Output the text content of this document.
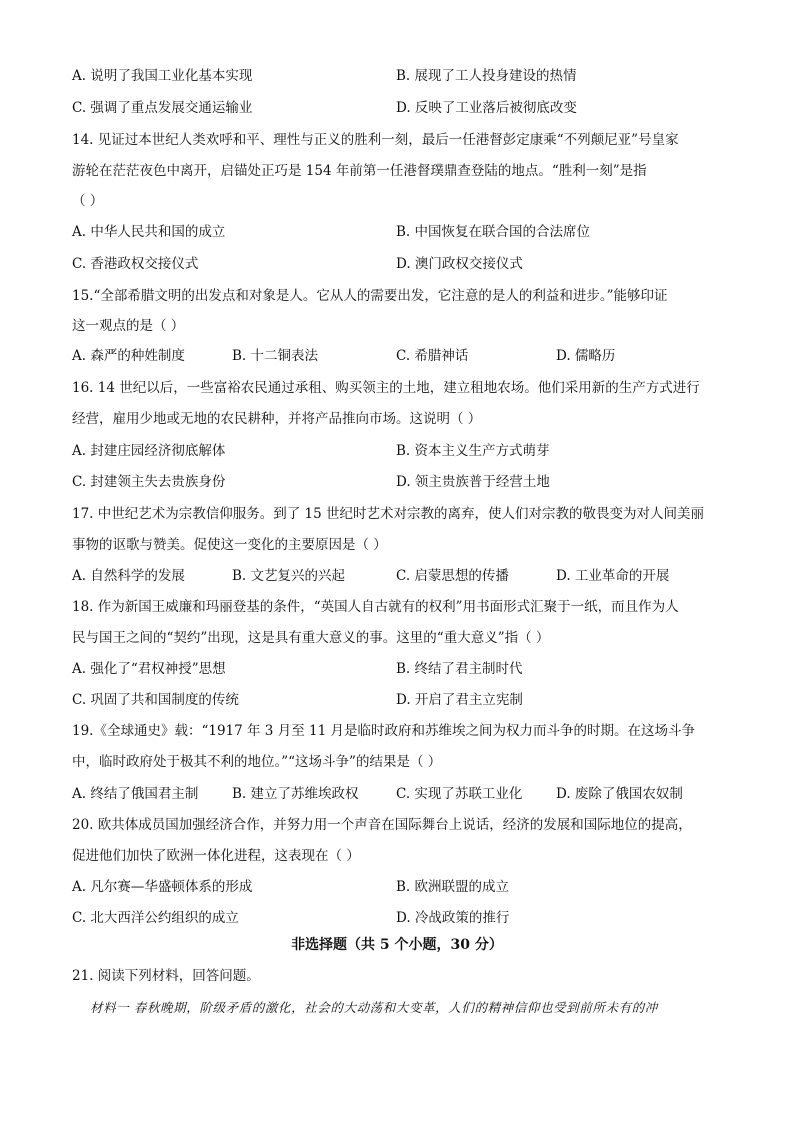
A. 说明了我国工业化基本实现	B. 展现了工人投身建设的热情
C. 强调了重点发展交通运输业	D. 反映了工业落后被彻底改变
14. 见证过本世纪人类欢呼和平、理性与正义的胜利一刻，最后一任港督彭定康乘“不列颠尼亚”号皇家
游轮在茫茫夜色中离开，启锚处正巧是 154 年前第一任港督璞鼎查登陆的地点。“胜利一刻”是指
（ ）
A. 中华人民共和国的成立	B. 中国恢复在联合国的合法席位
C. 香港政权交接仪式	D. 澳门政权交接仪式
15.“全部希腊文明的出发点和对象是人。它从人的需要出发，它注意的是人的利益和进步。”能够印证
这一观点的是（ ）
A. 森严的种姓制度	B. 十二铜表法	C. 希腊神话	D. 儒略历
16. 14 世纪以后，一些富裕农民通过承租、购买领主的土地，建立租地农场。他们采用新的生产方式进行
经营，雇用少地或无地的农民耕种，并将产品推向市场。这说明（ ）
A. 封建庄园经济彻底解体	B. 资本主义生产方式萌芽
C. 封建领主失去贵族身份	D. 领主贵族普于经营土地
17. 中世纪艺术为宗教信仰服务。到了 15 世纪时艺术对宗教的离弃，使人们对宗教的敬畏变为对人间美丽
事物的讴歌与赞美。促使这一变化的主要原因是（ ）
A. 自然科学的发展	B. 文艺复兴的兴起	C. 启蒙思想的传播	D. 工业革命的开展
18. 作为新国王威廉和玛丽登基的条件，“英国人自古就有的权利”用书面形式汇聚于一纸，而且作为人
民与国王之间的“契约”出现，这是具有重大意义的事。这里的“重大意义”指（ ）
A. 强化了“君权神授”思想	B. 终结了君主制时代
C. 巩固了共和国制度的传统	D. 开启了君主立宪制
19.《全球通史》载：“1917 年 3 月至 11 月是临时政府和苏维埃之间为权力而斗争的时期。在这场斗争
中，临时政府处于极其不利的地位。”“这场斗争”的结果是（ ）
A. 终结了俄国君主制 B. 建立了苏维埃政权	C. 实现了苏联工业化 D. 废除了俄国农奴制
20. 欧共体成员国加强经济合作，并努力用一个声音在国际舞台上说话，经济的发展和国际地位的提高，
促进他们加快了欧洲一体化进程，这表现在（ ）
A. 凡尔赛—华盛顿体系的形成	B. 欧洲联盟的成立
C. 北大西洋公约组织的成立	D. 冷战政策的推行
非选择题（共 5 个小题，30 分）
21. 阅读下列材料，回答问题。
材料一 春秋晚期，阶级矛盾的激化，社会的大动荡和大变革，人们的精神信仰也受到前所未有的冲
